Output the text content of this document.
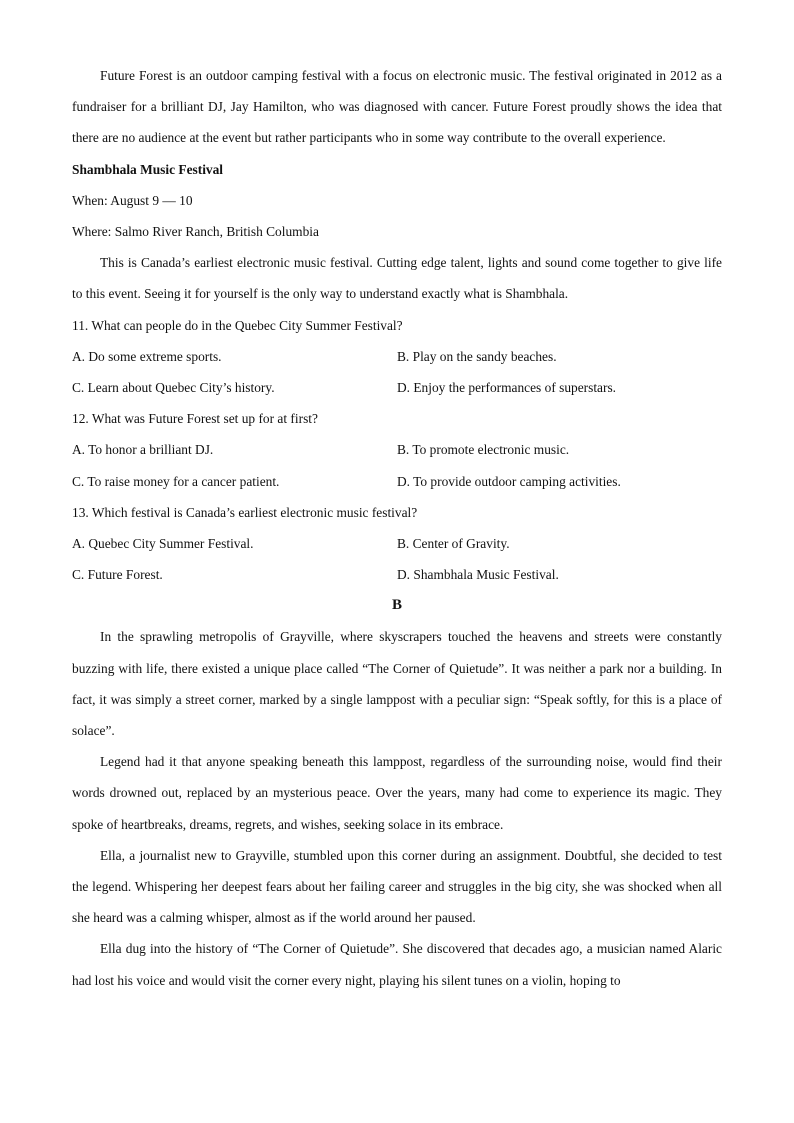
Future Forest is an outdoor camping festival with a focus on electronic music. The festival originated in 2012 as a fundraiser for a brilliant DJ, Jay Hamilton, who was diagnosed with cancer. Future Forest proudly shows the idea that there are no audience at the event but rather participants who in some way contribute to the overall experience.

Shambhala Music Festival

When: August 9 — 10

Where: Salmo River Ranch, British Columbia

This is Canada’s earliest electronic music festival. Cutting edge talent, lights and sound come together to give life to this event. Seeing it for yourself is the only way to understand exactly what is Shambhala.

11. What can people do in the Quebec City Summer Festival?

A. Do some extreme sports.	B. Play on the sandy beaches.
C. Learn about Quebec City’s history.	D. Enjoy the performances of superstars.

12. What was Future Forest set up for at first?

A. To honor a brilliant DJ.	B. To promote electronic music.
C. To raise money for a cancer patient.	D. To provide outdoor camping activities.

13. Which festival is Canada’s earliest electronic music festival?

A. Quebec City Summer Festival.	B. Center of Gravity.
C. Future Forest.	D. Shambhala Music Festival.

B

In the sprawling metropolis of Grayville, where skyscrapers touched the heavens and streets were constantly buzzing with life, there existed a unique place called “The Corner of Quietude”. It was neither a park nor a building. In fact, it was simply a street corner, marked by a single lamppost with a peculiar sign: “Speak softly, for this is a place of solace”.

Legend had it that anyone speaking beneath this lamppost, regardless of the surrounding noise, would find their words drowned out, replaced by an mysterious peace. Over the years, many had come to experience its magic. They spoke of heartbreaks, dreams, regrets, and wishes, seeking solace in its embrace.

Ella, a journalist new to Grayville, stumbled upon this corner during an assignment. Doubtful, she decided to test the legend. Whispering her deepest fears about her failing career and struggles in the big city, she was shocked when all she heard was a calming whisper, almost as if the world around her paused.

Ella dug into the history of “The Corner of Quietude”. She discovered that decades ago, a musician named Alaric had lost his voice and would visit the corner every night, playing his silent tunes on a violin, hoping to
